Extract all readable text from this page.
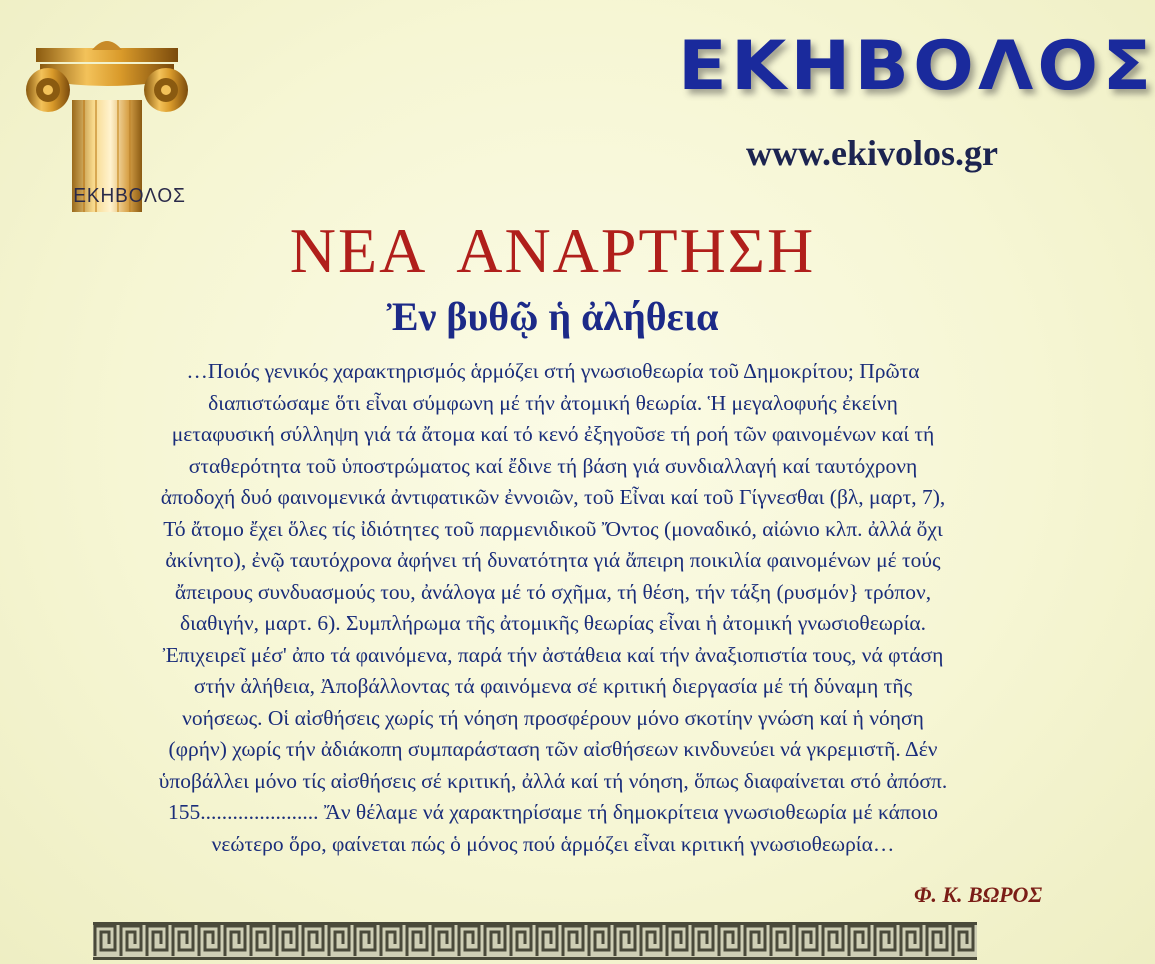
ΕΚΗΒΟΛΟΣ
ΕΚΗΒΟΛΟΣ
www.ekivolos.gr
ΝΕΑ  ΑΝΑΡΤΗΣΗ
Ἐν βυθῷ ἡ ἀλήθεια
…Ποιός γενικός χαρακτηρισμός ἁρμόζει στή γνωσιοθεωρία τοῦ Δημοκρίτου; Πρῶτα
διαπιστώσαμε ὅτι εἶναι σύμφωνη μέ τήν ἀτομική θεωρία. Ἡ μεγαλοφυής ἐκείνη
μεταφυσική σύλληψη γιά τά ἄτομα καί τό κενό ἐξηγοῦσε τή ροή τῶν φαινομένων καί τή
σταθερότητα τοῦ ὑποστρώματος καί ἔδινε τή βάση γιά συνδιαλλαγή καί ταυτόχρονη
ἀποδοχή δυό φαινομενικά ἀντιφατικῶν ἐννοιῶν, τοῦ Εἶναι καί τοῦ Γίγνεσθαι (βλ, μαρτ, 7),
Τό ἄτομο ἔχει ὅλες τίς ἰδιότητες τοῦ παρμενιδικοῦ Ὄντος (μοναδικό, αἰώνιο κλπ. ἀλλά ὄχι
ἀκίνητο), ἐνῷ ταυτόχρονα ἀφήνει τή δυνατότητα γιά ἄπειρη ποικιλία φαινομένων μέ τούς
ἄπειρους συνδυασμούς του, ἀνάλογα μέ τό σχῆμα, τή θέση, τήν τάξη (ρυσμόν} τρόπον,
διαθιγήν, μαρτ. 6). Συμπλήρωμα τῆς ἀτομικῆς θεωρίας εἶναι ἡ ἀτομική γνωσιοθεωρία.
Ἐπιχειρεῖ μέσ' ἀπο τά φαινόμενα, παρά τήν ἀστάθεια καί τήν ἀναξιοπιστία τους, νά φτάση
στήν ἀλήθεια, Ἀποβάλλοντας τά φαινόμενα σέ κριτική διεργασία μέ τή δύναμη τῆς
νοήσεως. Οἱ αἰσθήσεις χωρίς τή νόηση προσφέρουν μόνο σκοτίην γνώση καί ἡ νόηση
(φρήν) χωρίς τήν ἀδιάκοπη συμπαράσταση τῶν αἰσθήσεων κινδυνεύει νά γκρεμιστῆ. Δέν
ὑποβάλλει μόνο τίς αἰσθήσεις σέ κριτική, ἀλλά καί τή νόηση, ὅπως διαφαίνεται στό ἀπόσπ.
155...................... Ἄν θέλαμε νά χαρακτηρίσαμε τή δημοκρίτεια γνωσιοθεωρία μέ κάποιο
νεώτερο ὅρο, φαίνεται πώς ὁ μόνος πού ἁρμόζει εἶναι κριτική γνωσιοθεωρία…
Φ. Κ. ΒΩΡΟΣ
